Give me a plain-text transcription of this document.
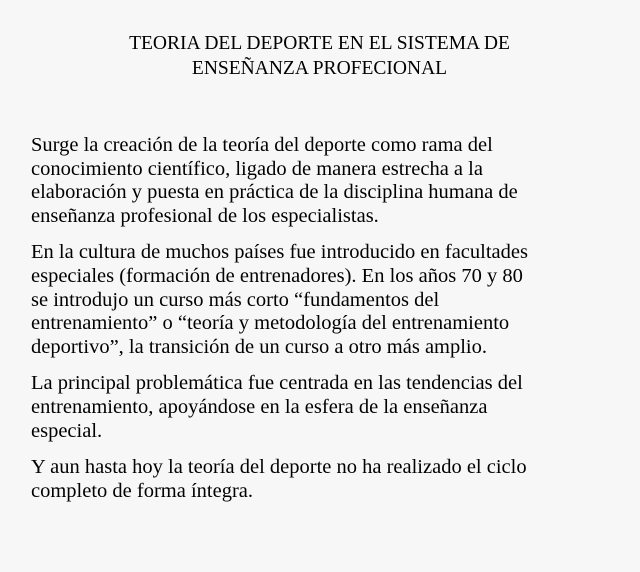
TEORIA DEL DEPORTE EN EL SISTEMA DE
ENSEÑANZA PROFECIONAL

Surge la creación de la teoría del deporte como rama del
conocimiento científico, ligado de manera estrecha a la
elaboración y puesta en práctica de la disciplina humana de
enseñanza profesional de los especialistas.

En la cultura de muchos países fue introducido en facultades
especiales (formación de entrenadores). En los años 70 y 80
se introdujo un curso más corto “fundamentos del
entrenamiento” o “teoría y metodología del entrenamiento
deportivo”, la transición de un curso a otro más amplio.

La principal problemática fue centrada en las tendencias del
entrenamiento, apoyándose en la esfera de la enseñanza
especial.

Y aun hasta hoy la teoría del deporte no ha realizado el ciclo
completo de forma íntegra.
